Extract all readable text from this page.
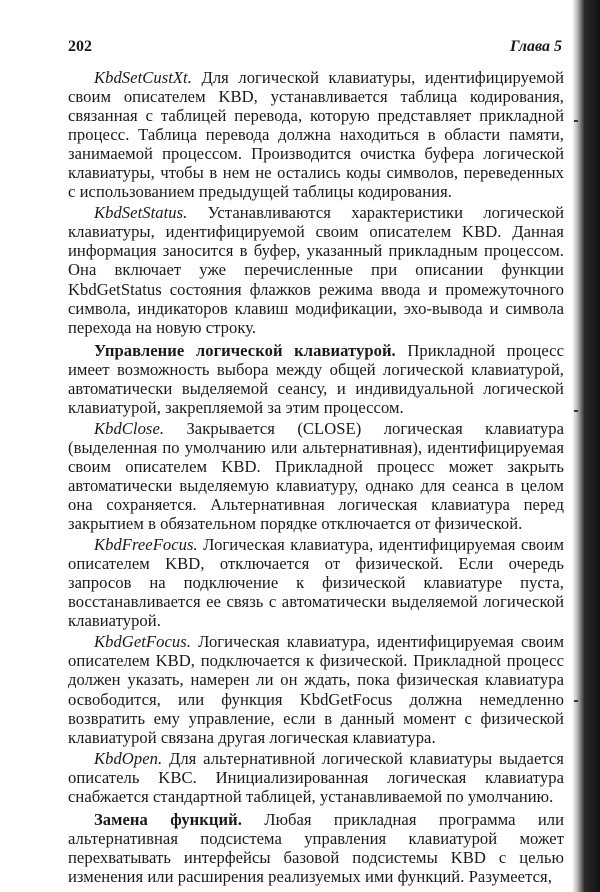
202	Глава 5

KbdSetCustXt. Для логической клавиатуры, идентифицируемой своим описателем KBD, устанавливается таблица кодирования, связанная с таблицей перевода, которую представляет прикладной процесс. Таблица перевода должна находиться в области памяти, занимаемой процессом. Производится очистка буфера логической клавиатуры, чтобы в нем не остались коды символов, переведенных с использованием предыдущей таблицы кодирования.

KbdSetStatus. Устанавливаются характеристики логической клавиатуры, идентифицируемой своим описателем KBD. Данная информация заносится в буфер, указанный прикладным процессом. Она включает уже перечисленные при описании функции KbdGetStatus состояния флажков режима ввода и промежуточного символа, индикаторов клавиш модификации, эхо-вывода и символа перехода на новую строку.

Управление логической клавиатурой. Прикладной процесс имеет возможность выбора между общей логической клавиатурой, автоматически выделяемой сеансу, и индивидуальной логической клавиатурой, закрепляемой за этим процессом.

KbdClose. Закрывается (CLOSE) логическая клавиатура (выделенная по умолчанию или альтернативная), идентифицируемая своим описателем KBD. Прикладной процесс может закрыть автоматически выделяемую клавиатуру, однако для сеанса в целом она сохраняется. Альтернативная логическая клавиатура перед закрытием в обязательном порядке отключается от физической.

KbdFreeFocus. Логическая клавиатура, идентифицируемая своим описателем KBD, отключается от физической. Если очередь запросов на подключение к физической клавиатуре пуста, восстанавливается ее связь с автоматически выделяемой логической клавиатурой.

KbdGetFocus. Логическая клавиатура, идентифицируемая своим описателем KBD, подключается к физической. Прикладной процесс должен указать, намерен ли он ждать, пока физическая клавиатура освободится, или функция KbdGetFocus должна немедленно возвратить ему управление, если в данный момент с физической клавиатурой связана другая логическая клавиатура.

KbdOpen. Для альтернативной логической клавиатуры выдается описатель KBC. Инициализированная логическая клавиатура снабжается стандартной таблицей, устанавливаемой по умолчанию.

Замена функций. Любая прикладная программа или альтернативная подсистема управления клавиатурой может перехватывать интерфейсы базовой подсистемы KBD с целью изменения или расширения реализуемых ими функций. Разумеется,
